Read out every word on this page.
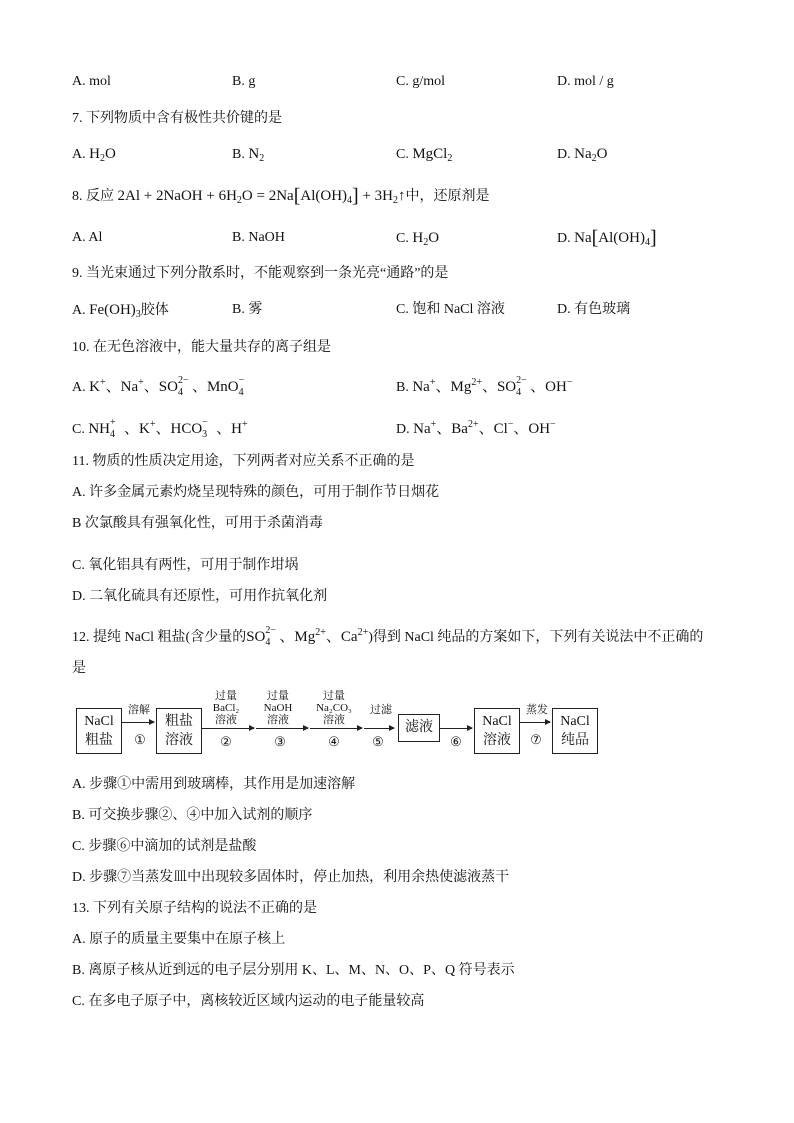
A. mol	B. g	C. g/mol	D. mol / g
7. 下列物质中含有极性共价键的是
A. $H_2O$	B. $N_2$	C. MgCl$_2$	D. $Na_2O$
8. 反应 2Al + 2NaOH + $6H_2O = 2Na[Al(OH)_4]$ + $3H_2↑$中，还原剂是
A. Al	B. NaOH	C. $H_2O$	D. $Na[Al(OH)_4]$
9. 当光束通过下列分散系时，不能观察到一条光亮“通路”的是
A. $Fe(OH)_3$胶体	B. 雾	C. 饱和 NaCl 溶液	D. 有色玻璃
10. 在无色溶液中，能大量共存的离子组是
A. K+、Na+、SO 2−
4 、MnO −
4	B. Na+、$Mg^{2+}$、SO 2−
4 、OH−
C. NH +
4 、K+、HCO −
3 、H+	D. Na+、$Ba^{2+}$、Cl−、OH−
11. 物质的性质决定用途，下列两者对应关系不正确的是
A. 许多金属元素灼烧呈现特殊的颜色，可用于制作节日烟花
B 次氯酸具有强氧化性，可用于杀菌消毒
C. 氧化铝具有两性，可用于制作坩埚
D. 二氧化硫具有还原性，可用作抗氧化剂
12. 提纯 NaCl 粗盐(含少量的SO 2−
4 、$Mg^{2+}$、$Ca^{2+}$)得到 NaCl 纯品的方案如下，下列有关说法中不正确的
是
NaCl
粗盐
溶解
①
粗盐
溶液
过量
BaCl₂
溶液
②
过量
NaOH
溶液
③
过量
Na₂CO₃
溶液
④
过滤
⑤
滤液
⑥
NaCl
溶液
蒸发
⑦
NaCl
纯品
A. 步骤①中需用到玻璃棒，其作用是加速溶解
B. 可交换步骤②、④中加入试剂的顺序
C. 步骤⑥中滴加的试剂是盐酸
D. 步骤⑦当蒸发皿中出现较多固体时，停止加热，利用余热使滤液蒸干
13. 下列有关原子结构的说法不正确的是
A. 原子的质量主要集中在原子核上
B. 离原子核从近到远的电子层分别用 K、L、M、N、O、P、Q 符号表示
C. 在多电子原子中，离核较近区域内运动的电子能量较高
